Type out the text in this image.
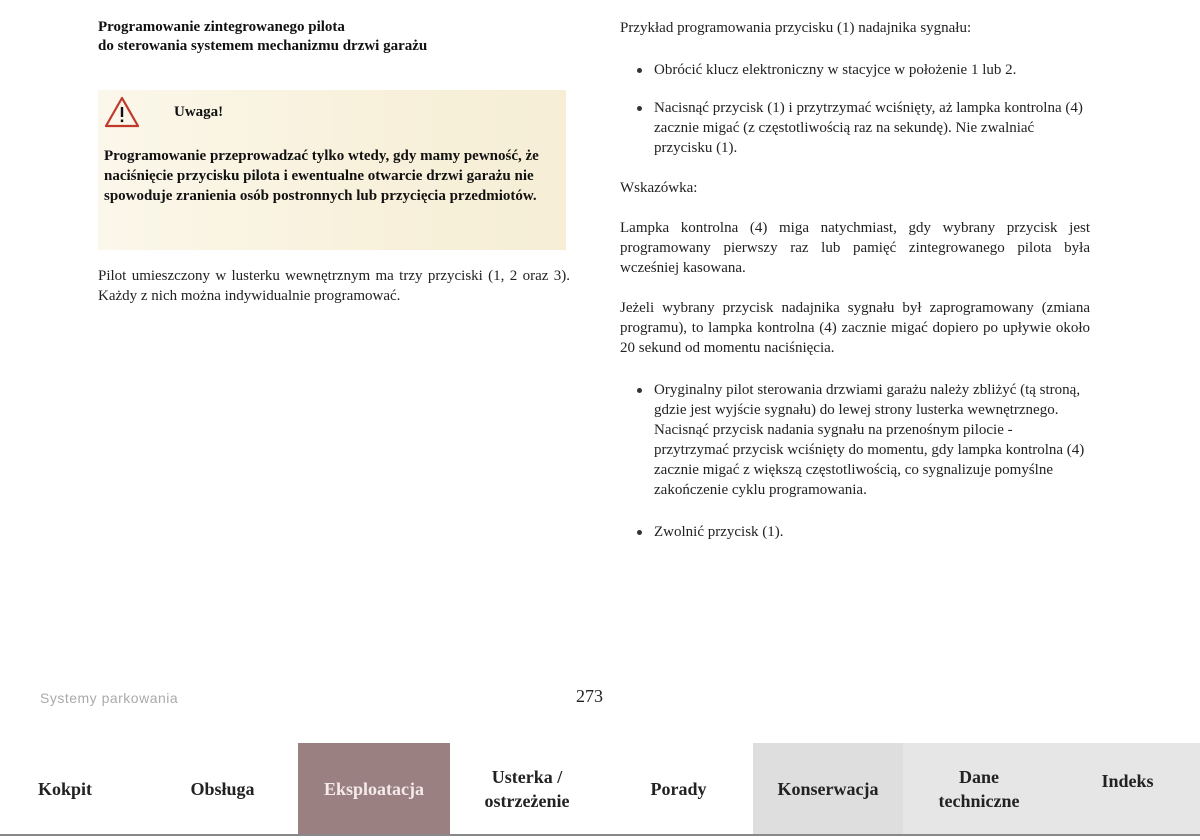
Programowanie zintegrowanego pilota
do sterowania systemem mechanizmu drzwi garażu

Uwaga!

Programowanie przeprowadzać tylko wtedy, gdy mamy pewność, że naciśnięcie przycisku pilota i ewentualne otwarcie drzwi garażu nie spowoduje zranienia osób postronnych lub przycięcia przedmiotów.

Pilot umieszczony w lusterku wewnętrznym ma trzy przyciski (1, 2 oraz 3). Każdy z nich można indywidualnie programować.

Przykład programowania przycisku (1) nadajnika sygnału:

Obrócić klucz elektroniczny w stacyjce w położenie 1 lub 2.
Nacisnąć przycisk (1) i przytrzymać wciśnięty, aż lampka kontrolna (4) zacznie migać (z częstotliwością raz na sekundę). Nie zwalniać przycisku (1).

Wskazówka:

Lampka kontrolna (4) miga natychmiast, gdy wybrany przycisk jest programowany pierwszy raz lub pamięć zintegrowanego pilota była wcześniej kasowana.

Jeżeli wybrany przycisk nadajnika sygnału był zaprogramowany (zmiana programu), to lampka kontrolna (4) zacznie migać dopiero po upływie około 20 sekund od momentu naciśnięcia.

Oryginalny pilot sterowania drzwiami garażu należy zbliżyć (tą stroną, gdzie jest wyjście sygnału) do lewej strony lusterka wewnętrznego. Nacisnąć przycisk nadania sygnału na przenośnym pilocie - przytrzymać przycisk wciśnięty do momentu, gdy lampka kontrolna (4) zacznie migać z większą częstotliwością, co sygnalizuje pomyślne zakończenie cyklu programowania.
Zwolnić przycisk (1).
Systemy parkowania	273
Kokpit	Obsługa	Eksploatacja
Usterka /
ostrzeżenie
Porady	Konserwacja
Dane
techniczne
Indeks
